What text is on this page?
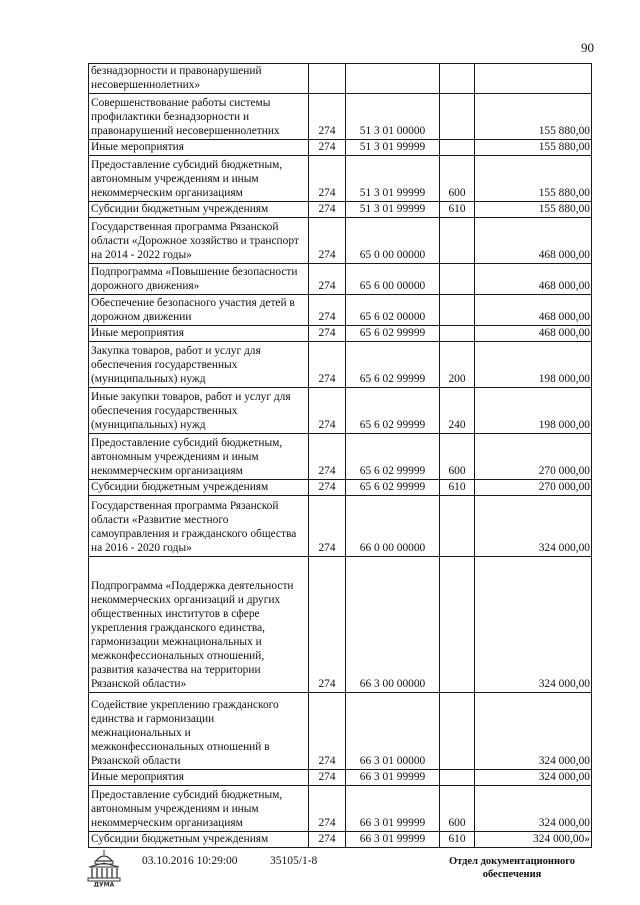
90
безнадзорности и правонарушений несовершеннолетних»				
Совершенствование работы системы профилактики безнадзорности и правонарушений несовершеннолетних	274	51 3 01 00000		155 880,00
Иные мероприятия	274	51 3 01 99999		155 880,00
Предоставление субсидий бюджетным, автономным учреждениям и иным некоммерческим организациям	274	51 3 01 99999	600	155 880,00
Субсидии бюджетным учреждениям	274	51 3 01 99999	610	155 880,00
Государственная программа Рязанской области «Дорожное хозяйство и транспорт на 2014 - 2022 годы»	274	65 0 00 00000		468 000,00
Подпрограмма «Повышение безопасности дорожного движения»	274	65 6 00 00000		468 000,00
Обеспечение безопасного участия детей в дорожном движении	274	65 6 02 00000		468 000,00
Иные мероприятия	274	65 6 02 99999		468 000,00
Закупка товаров, работ и услуг для обеспечения государственных (муниципальных) нужд	274	65 6 02 99999	200	198 000,00
Иные закупки товаров, работ и услуг для обеспечения государственных (муниципальных) нужд	274	65 6 02 99999	240	198 000,00
Предоставление субсидий бюджетным, автономным учреждениям и иным некоммерческим организациям	274	65 6 02 99999	600	270 000,00
Субсидии бюджетным учреждениям	274	65 6 02 99999	610	270 000,00
Государственная программа Рязанской области «Развитие местного самоуправления и гражданского общества на 2016 - 2020 годы»	274	66 0 00 00000		324 000,00
Подпрограмма «Поддержка деятельности некоммерческих организаций и других общественных институтов в сфере укрепления гражданского единства, гармонизации межнациональных и межконфессиональных отношений, развития казачества на территории Рязанской области»	274	66 3 00 00000		324 000,00
Содействие укреплению гражданского единства и гармонизации межнациональных и межконфессиональных отношений в Рязанской области	274	66 3 01 00000		324 000,00
Иные мероприятия	274	66 3 01 99999		324 000,00
Предоставление субсидий бюджетным, автономным учреждениям и иным некоммерческим организациям	274	66 3 01 99999	600	324 000,00
Субсидии бюджетным учреждениям	274	66 3 01 99999	610	324 000,00»
ДУМА
03.10.2016 10:29:00	35105/1-8	Отдел документационного обеспечения
